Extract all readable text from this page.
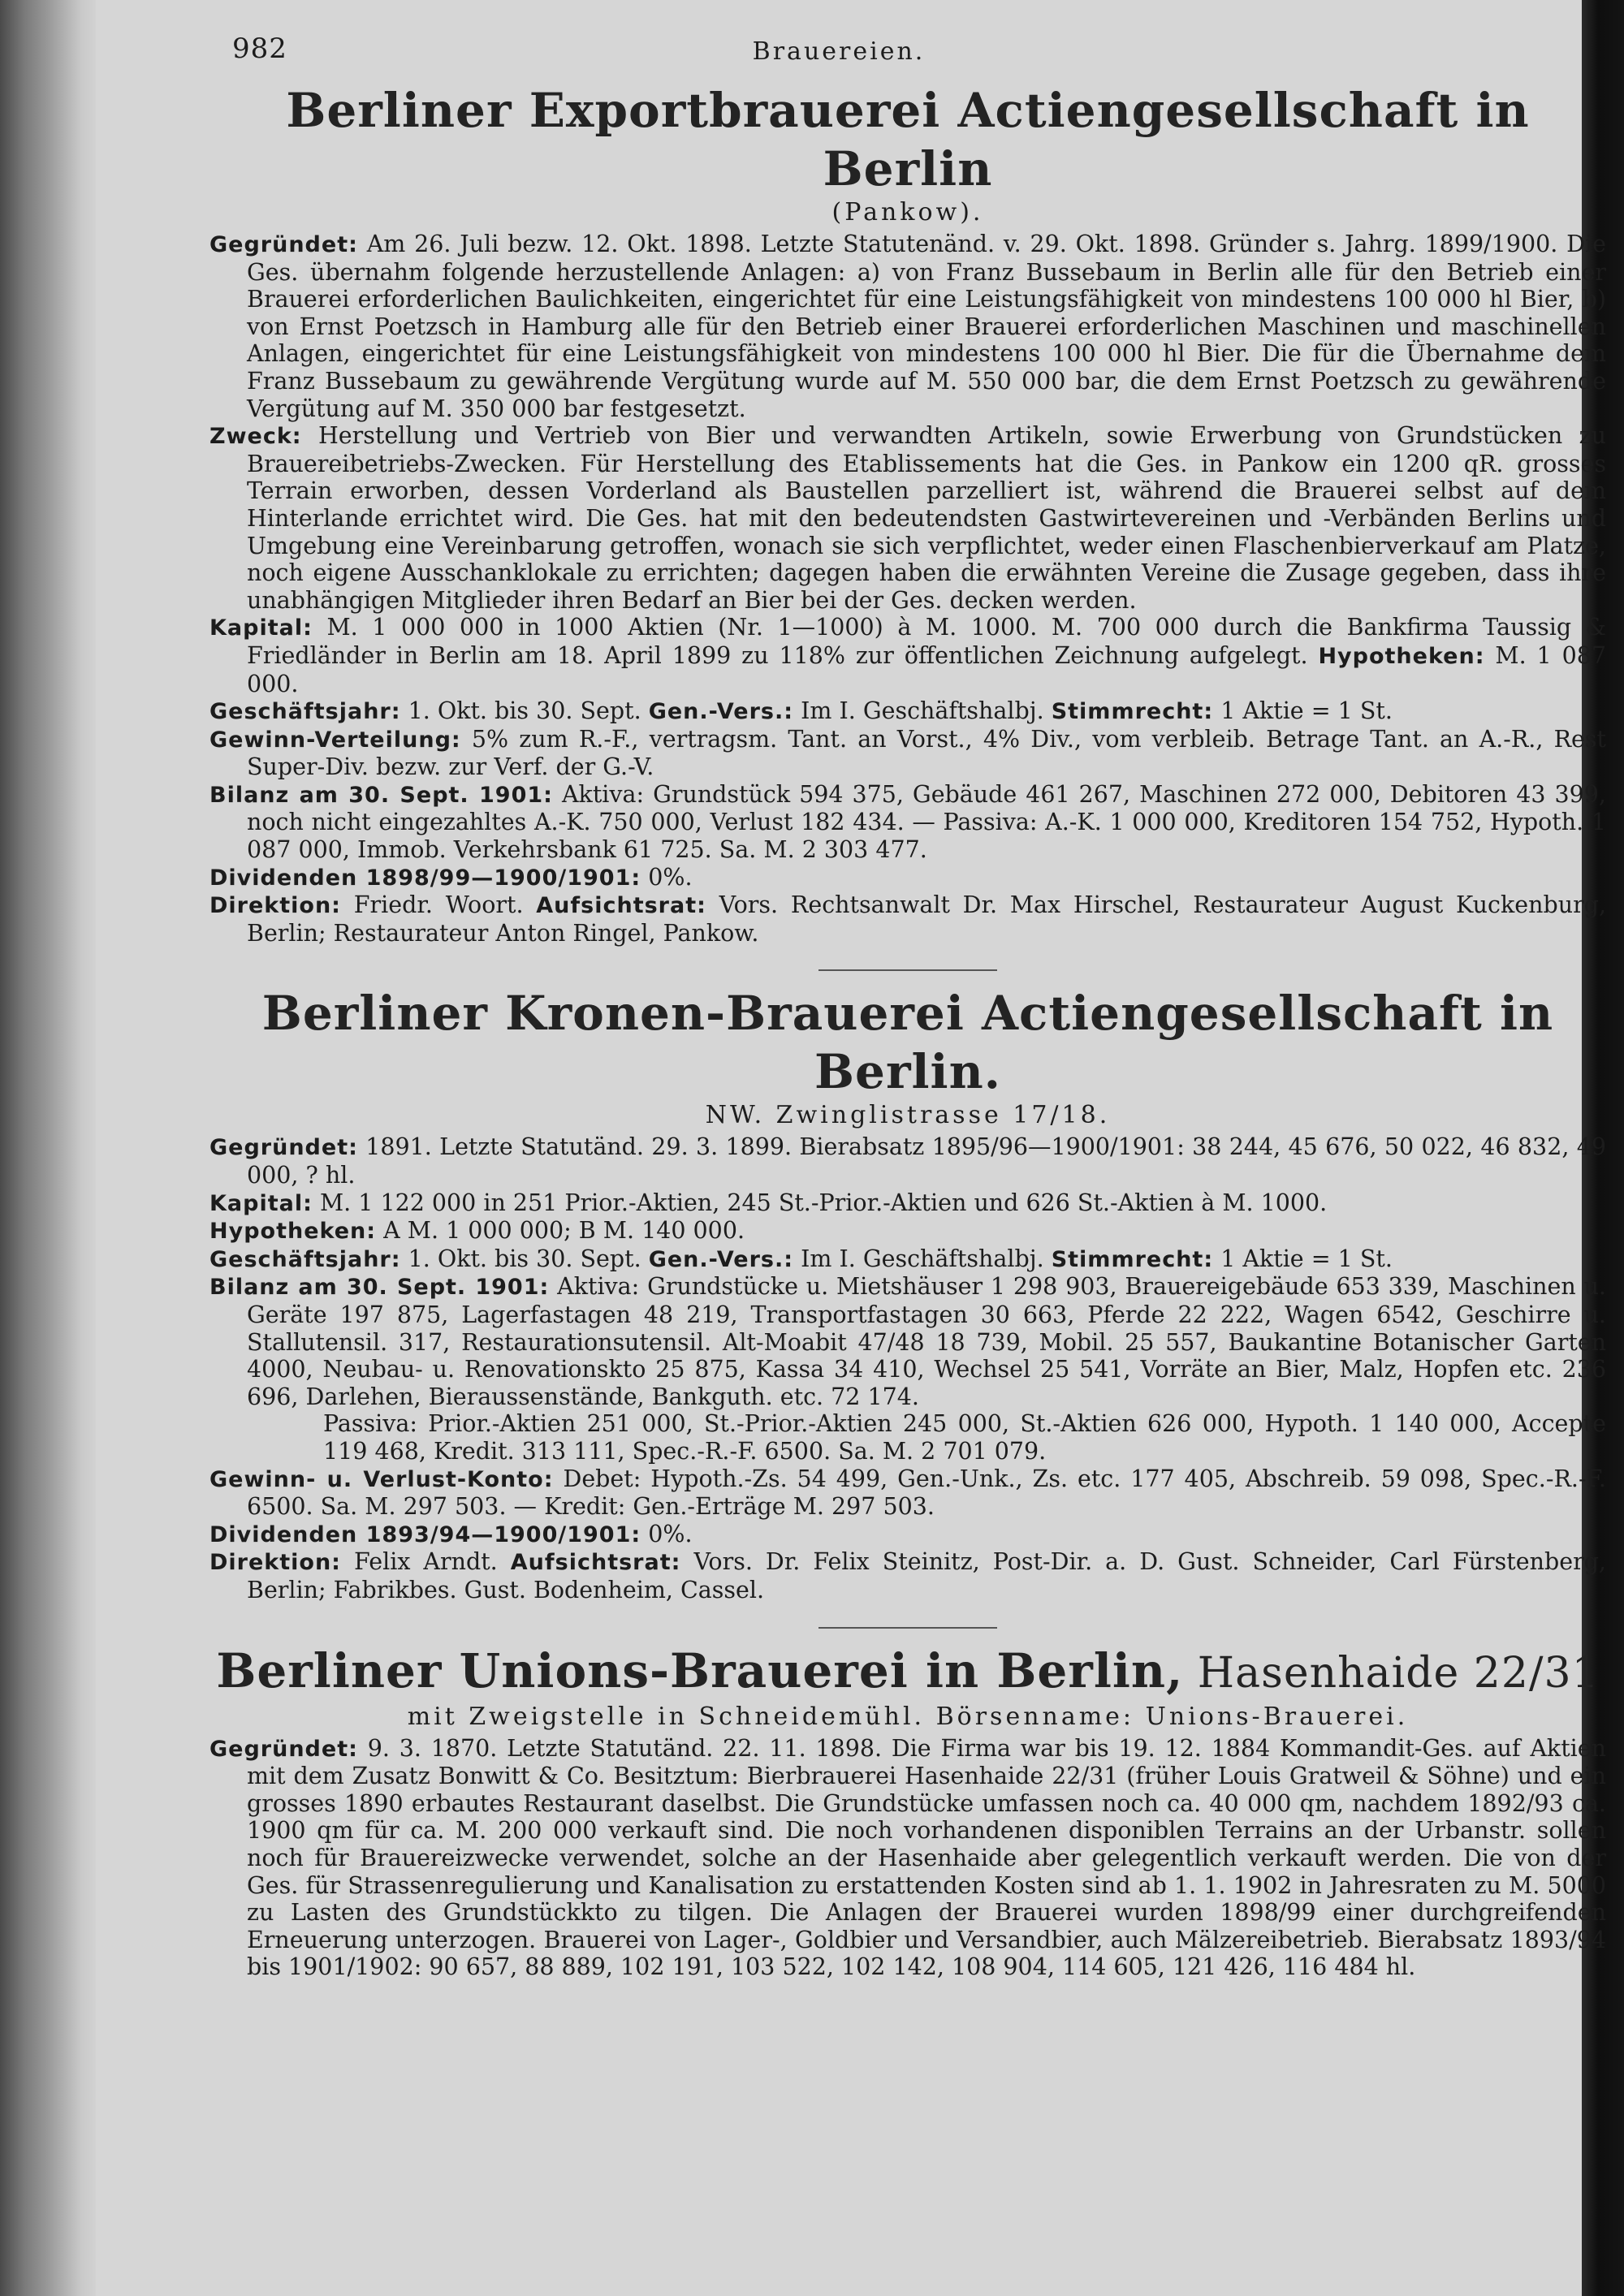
982	Brauereien.
Berliner Exportbrauerei Actiengesellschaft in Berlin
(Pankow).

Gegründet: Am 26. Juli bezw. 12. Okt. 1898. Letzte Statutenänd. v. 29. Okt. 1898. Gründer s. Jahrg. 1899/1900. Die Ges. übernahm folgende herzustellende Anlagen: a) von Franz Bussebaum in Berlin alle für den Betrieb einer Brauerei erforderlichen Baulichkeiten, eingerichtet für eine Leistungsfähigkeit von mindestens 100 000 hl Bier, b) von Ernst Poetzsch in Hamburg alle für den Betrieb einer Brauerei erforderlichen Maschinen und maschinellen Anlagen, eingerichtet für eine Leistungsfähigkeit von mindestens 100 000 hl Bier. Die für die Übernahme dem Franz Bussebaum zu gewährende Vergütung wurde auf M. 550 000 bar, die dem Ernst Poetzsch zu gewährende Vergütung auf M. 350 000 bar festgesetzt.

Zweck: Herstellung und Vertrieb von Bier und verwandten Artikeln, sowie Erwerbung von Grundstücken zu Brauereibetriebs-Zwecken. Für Herstellung des Etablissements hat die Ges. in Pankow ein 1200 qR. grosses Terrain erworben, dessen Vorderland als Baustellen parzelliert ist, während die Brauerei selbst auf dem Hinterlande errichtet wird. Die Ges. hat mit den bedeutendsten Gastwirtevereinen und -Verbänden Berlins und Umgebung eine Vereinbarung getroffen, wonach sie sich verpflichtet, weder einen Flaschenbierverkauf am Platze, noch eigene Ausschanklokale zu errichten; dagegen haben die erwähnten Vereine die Zusage gegeben, dass ihre unabhängigen Mitglieder ihren Bedarf an Bier bei der Ges. decken werden.

Kapital: M. 1 000 000 in 1000 Aktien (Nr. 1—1000) à M. 1000. M. 700 000 durch die Bankfirma Taussig & Friedländer in Berlin am 18. April 1899 zu 118% zur öffentlichen Zeichnung aufgelegt. Hypotheken: M. 1 087 000.

Geschäftsjahr: 1. Okt. bis 30. Sept. Gen.-Vers.: Im I. Geschäftshalbj. Stimmrecht: 1 Aktie = 1 St.

Gewinn-Verteilung: 5% zum R.-F., vertragsm. Tant. an Vorst., 4% Div., vom verbleib. Betrage Tant. an A.-R., Rest Super-Div. bezw. zur Verf. der G.-V.

Bilanz am 30. Sept. 1901: Aktiva: Grundstück 594 375, Gebäude 461 267, Maschinen 272 000, Debitoren 43 399, noch nicht eingezahltes A.-K. 750 000, Verlust 182 434. — Passiva: A.-K. 1 000 000, Kreditoren 154 752, Hypoth. 1 087 000, Immob. Verkehrsbank 61 725. Sa. M. 2 303 477.

Dividenden 1898/99—1900/1901: 0%.

Direktion: Friedr. Woort. Aufsichtsrat: Vors. Rechtsanwalt Dr. Max Hirschel, Restaurateur August Kuckenburg, Berlin; Restaurateur Anton Ringel, Pankow.

Berliner Kronen-Brauerei Actiengesellschaft in Berlin.
NW. Zwinglistrasse 17/18.

Gegründet: 1891. Letzte Statutänd. 29. 3. 1899. Bierabsatz 1895/96—1900/1901: 38 244, 45 676, 50 022, 46 832, 49 000, ? hl.

Kapital: M. 1 122 000 in 251 Prior.-Aktien, 245 St.-Prior.-Aktien und 626 St.-Aktien à M. 1000.

Hypotheken: A M. 1 000 000; B M. 140 000.

Geschäftsjahr: 1. Okt. bis 30. Sept. Gen.-Vers.: Im I. Geschäftshalbj. Stimmrecht: 1 Aktie = 1 St.

Bilanz am 30. Sept. 1901: Aktiva: Grundstücke u. Mietshäuser 1 298 903, Brauereigebäude 653 339, Maschinen u. Geräte 197 875, Lagerfastagen 48 219, Transportfastagen 30 663, Pferde 22 222, Wagen 6542, Geschirre u. Stallutensil. 317, Restaurationsutensil. Alt-Moabit 47/48 18 739, Mobil. 25 557, Baukantine Botanischer Garten 4000, Neubau- u. Renovationskto 25 875, Kassa 34 410, Wechsel 25 541, Vorräte an Bier, Malz, Hopfen etc. 236 696, Darlehen, Bieraussenstände, Bankguth. etc. 72 174.

Passiva: Prior.-Aktien 251 000, St.-Prior.-Aktien 245 000, St.-Aktien 626 000, Hypoth. 1 140 000, Accepte 119 468, Kredit. 313 111, Spec.-R.-F. 6500. Sa. M. 2 701 079.

Gewinn- u. Verlust-Konto: Debet: Hypoth.-Zs. 54 499, Gen.-Unk., Zs. etc. 177 405, Abschreib. 59 098, Spec.-R.-F. 6500. Sa. M. 297 503. — Kredit: Gen.-Erträge M. 297 503.

Dividenden 1893/94—1900/1901: 0%.

Direktion: Felix Arndt. Aufsichtsrat: Vors. Dr. Felix Steinitz, Post-Dir. a. D. Gust. Schneider, Carl Fürstenberg, Berlin; Fabrikbes. Gust. Bodenheim, Cassel.

Berliner Unions-Brauerei in Berlin, Hasenhaide 22/31
mit Zweigstelle in Schneidemühl. Börsenname: Unions-Brauerei.

Gegründet: 9. 3. 1870. Letzte Statutänd. 22. 11. 1898. Die Firma war bis 19. 12. 1884 Kommandit-Ges. auf Aktien mit dem Zusatz Bonwitt & Co. Besitztum: Bierbrauerei Hasenhaide 22/31 (früher Louis Gratweil & Söhne) und ein grosses 1890 erbautes Restaurant daselbst. Die Grundstücke umfassen noch ca. 40 000 qm, nachdem 1892/93 ca. 1900 qm für ca. M. 200 000 verkauft sind. Die noch vorhandenen disponiblen Terrains an der Urbanstr. sollen noch für Brauereizwecke verwendet, solche an der Hasenhaide aber gelegentlich verkauft werden. Die von der Ges. für Strassenregulierung und Kanalisation zu erstattenden Kosten sind ab 1. 1. 1902 in Jahresraten zu M. 5000 zu Lasten des Grundstückkto zu tilgen. Die Anlagen der Brauerei wurden 1898/99 einer durchgreifenden Erneuerung unterzogen. Brauerei von Lager-, Goldbier und Versandbier, auch Mälzereibetrieb. Bierabsatz 1893/94 bis 1901/1902: 90 657, 88 889, 102 191, 103 522, 102 142, 108 904, 114 605, 121 426, 116 484 hl.
